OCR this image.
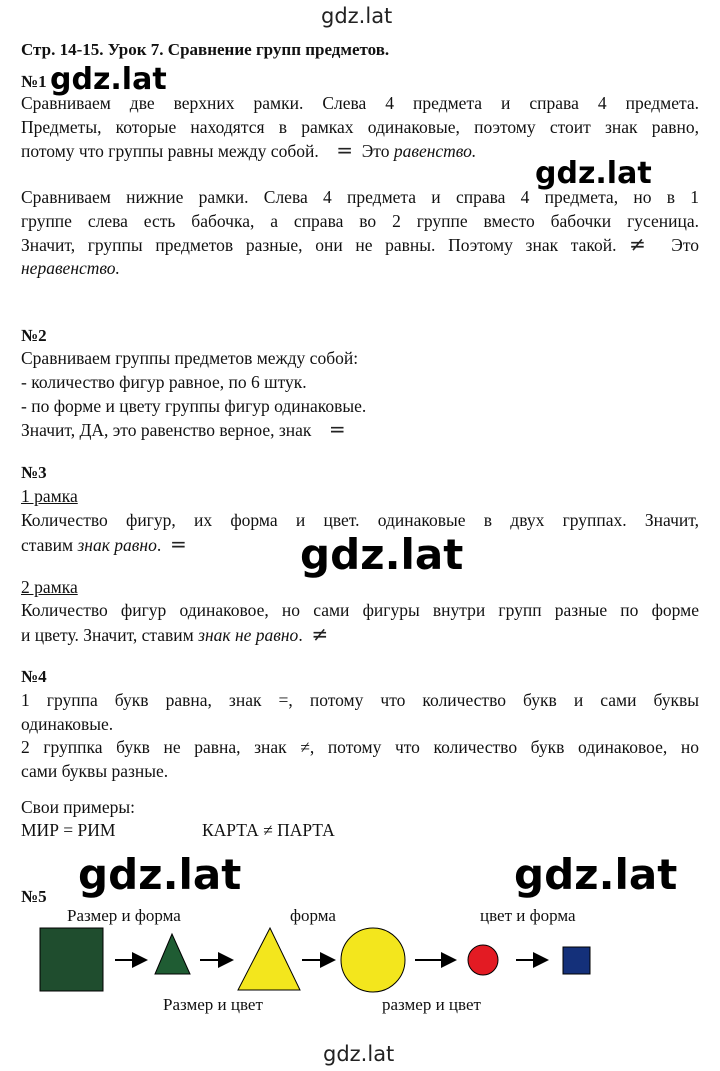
gdz.lat
gdz.lat
gdz.lat
gdz.lat
gdz.lat	gdz.lat
gdz.lat
Стр. 14-15. Урок 7. Сравнение групп предметов.
№1
Сравниваем две верхних рамки. Слева 4 предмета и справа 4 предмета.
Предметы, которые находятся в рамках одинаковые, поэтому стоит знак равно,
потому что группы равны между собой. = Это равенство.
Сравниваем нижние рамки. Слева 4 предмета и справа 4 предмета, но в 1
группе слева есть бабочка, а справа во 2 группе вместо бабочки гусеница.
Значит, группы предметов разные, они не равны. Поэтому знак такой. ≠ Это
неравенство.
№2
Сравниваем группы предметов между собой:
- количество фигур равное, по 6 штук.
- по форме и цвету группы фигур одинаковые.
Значит, ДА, это равенство верное, знак =
№3
1 рамка
Количество фигур, их форма и цвет. одинаковые в двух группах. Значит,
ставим знак равно. =
2 рамка
Количество фигур одинаковое, но сами фигуры внутри групп разные по форме
и цвету. Значит, ставим знак не равно. ≠
№4
1 группа букв равна, знак =, потому что количество букв и сами буквы
одинаковые.
2 группка букв не равна, знак ≠, потому что количество букв одинаковое, но
сами буквы разные.
Свои примеры:
МИР = РИМ	КАРТА ≠ ПАРТА
№5
Размер и форма	форма	цвет и форма
Размер и цвет	размер и цвет
